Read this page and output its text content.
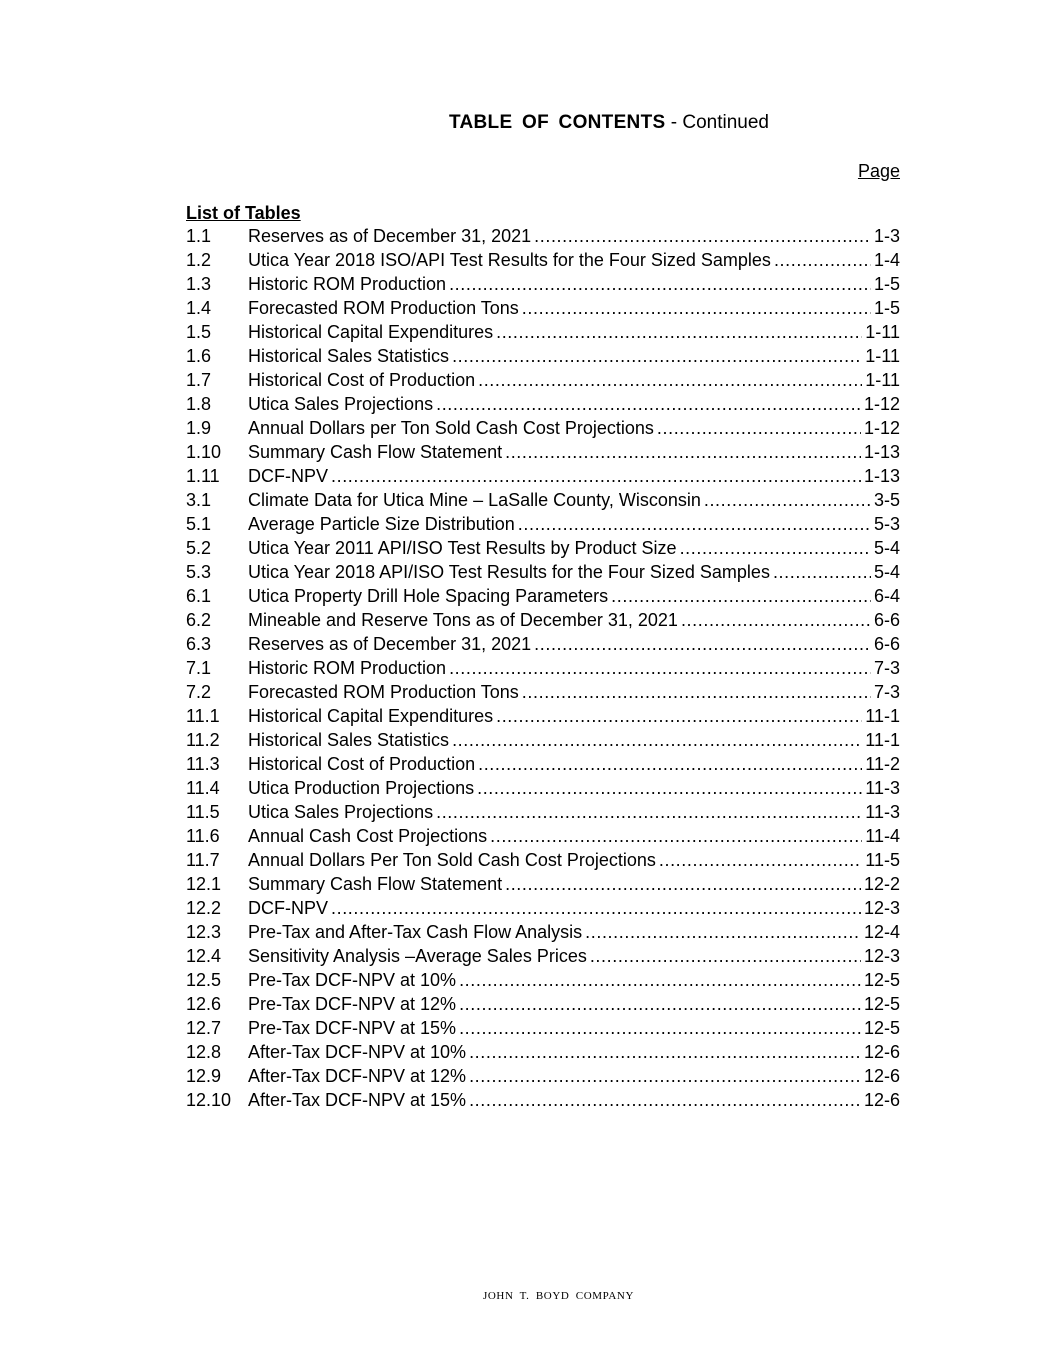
TABLE OF CONTENTS - Continued
Page
List of Tables
1.1	Reserves as of December 31, 2021 .....	1-3
1.2	Utica Year 2018 ISO/API Test Results for the Four Sized Samples .....	1-4
1.3	Historic ROM Production .....	1-5
1.4	Forecasted ROM Production Tons .....	1-5
1.5	Historical Capital Expenditures .....	1-11
1.6	Historical Sales Statistics .....	1-11
1.7	Historical Cost of Production .....	1-11
1.8	Utica Sales Projections .....	1-12
1.9	Annual Dollars per Ton Sold Cash Cost Projections .....	1-12
1.10	Summary Cash Flow Statement .....	1-13
1.11	DCF-NPV .....	1-13
3.1	Climate Data for Utica Mine – LaSalle County, Wisconsin .....	3-5
5.1	Average Particle Size Distribution .....	5-3
5.2	Utica Year 2011 API/ISO Test Results by Product Size .....	5-4
5.3	Utica Year 2018 API/ISO Test Results for the Four Sized Samples .....	5-4
6.1	Utica Property Drill Hole Spacing Parameters .....	6-4
6.2	Mineable and Reserve Tons as of December 31, 2021 .....	6-6
6.3	Reserves as of December 31, 2021 .....	6-6
7.1	Historic ROM Production .....	7-3
7.2	Forecasted ROM Production Tons .....	7-3
11.1	Historical Capital Expenditures .....	11-1
11.2	Historical Sales Statistics .....	11-1
11.3	Historical Cost of Production .....	11-2
11.4	Utica Production Projections .....	11-3
11.5	Utica Sales Projections .....	11-3
11.6	Annual Cash Cost Projections .....	11-4
11.7	Annual Dollars Per Ton Sold Cash Cost Projections .....	11-5
12.1	Summary Cash Flow Statement .....	12-2
12.2	DCF-NPV .....	12-3
12.3	Pre-Tax and After-Tax Cash Flow Analysis .....	12-4
12.4	Sensitivity Analysis –Average Sales Prices .....	12-3
12.5	Pre-Tax DCF-NPV at 10% .....	12-5
12.6	Pre-Tax DCF-NPV at 12% .....	12-5
12.7	Pre-Tax DCF-NPV at 15% .....	12-5
12.8	After-Tax DCF-NPV at 10% .....	12-6
12.9	After-Tax DCF-NPV at 12% .....	12-6
12.10 After-Tax DCF-NPV at 15% .....	12-6
JOHN T. BOYD COMPANY
